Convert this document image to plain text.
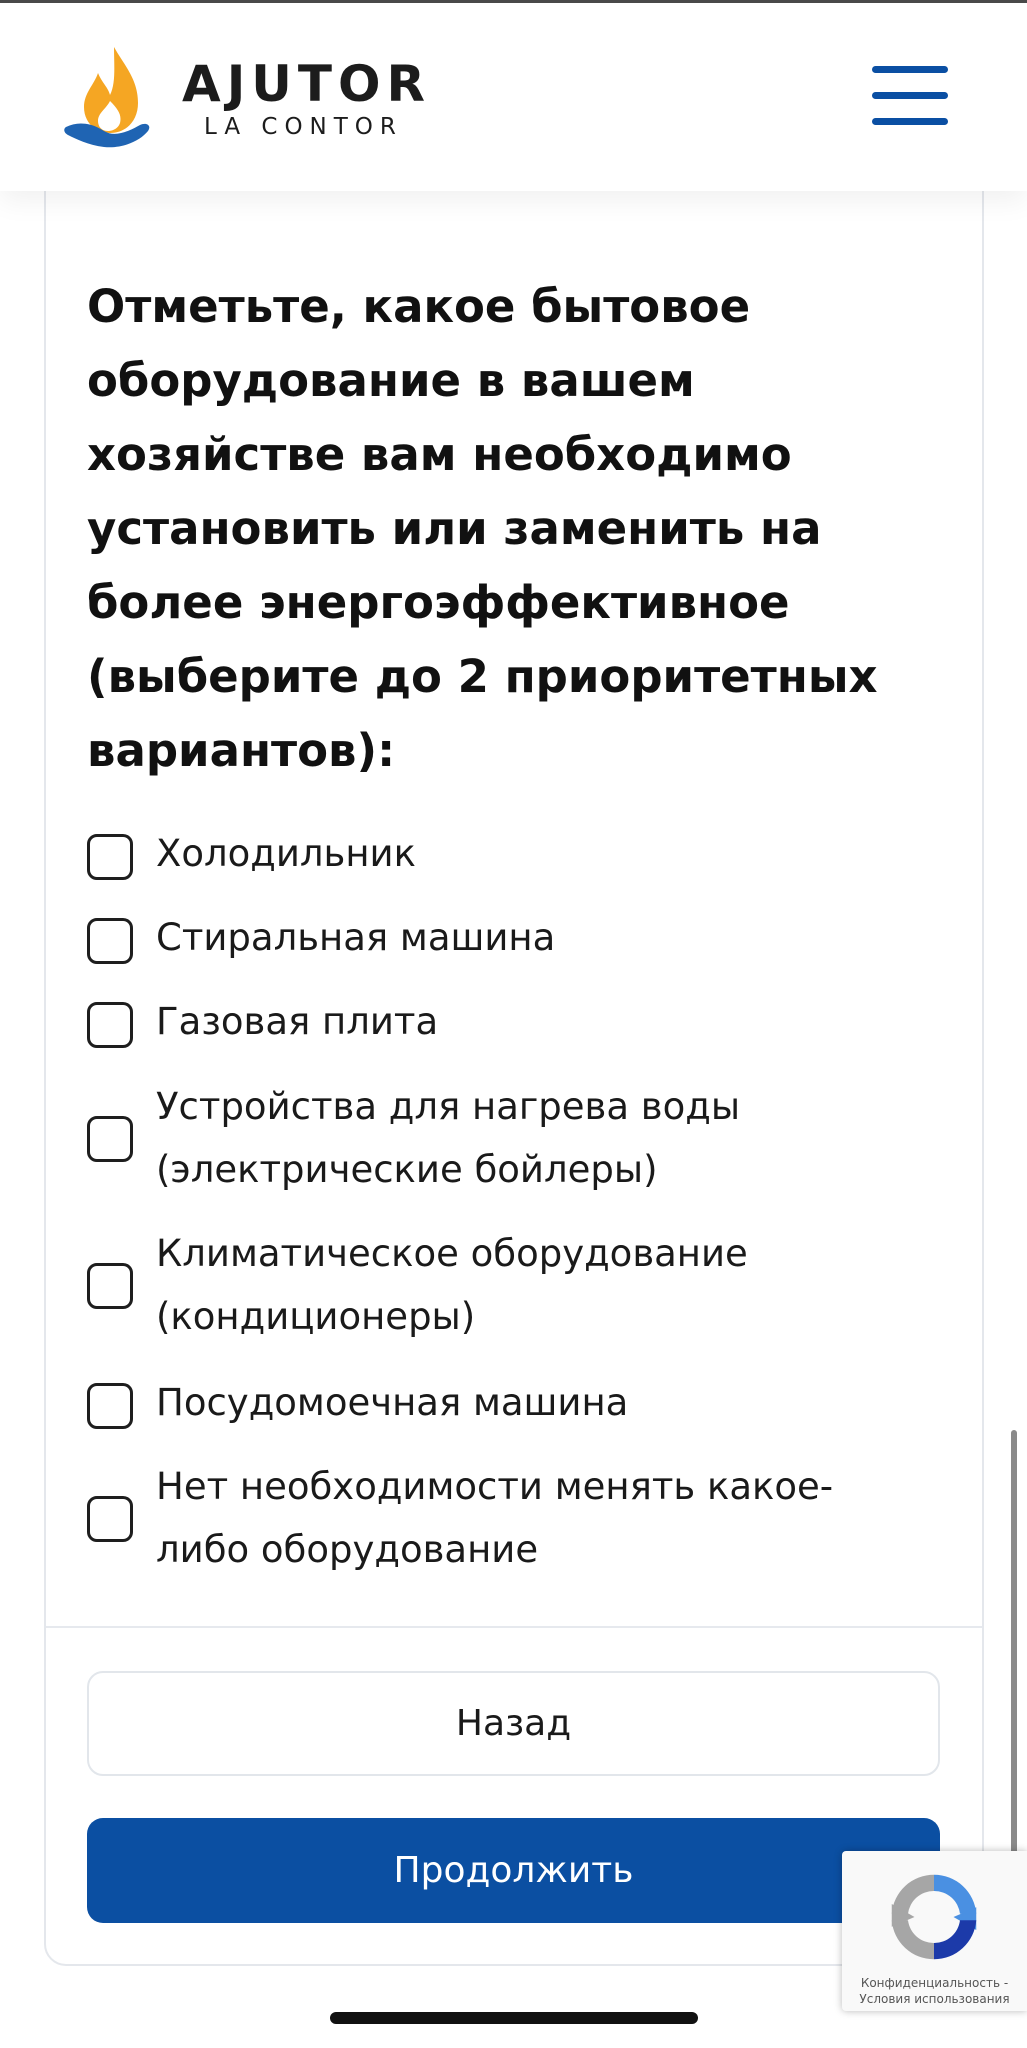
AJUTOR
LA CONTOR
Отметьте, какое бытовое оборудование в вашем хозяйстве вам необходимо установить или заменить на более энергоэффективное (выберите до 2 приоритетных вариантов):
Холодильник
Стиральная машина
Газовая плита
Устройства для нагрева воды (электрические бойлеры)
Климатическое оборудование (кондиционеры)
Посудомоечная машина
Нет необходимости менять какое-либо оборудование
Назад
Продолжить
Конфиденциальность -
Условия использования
